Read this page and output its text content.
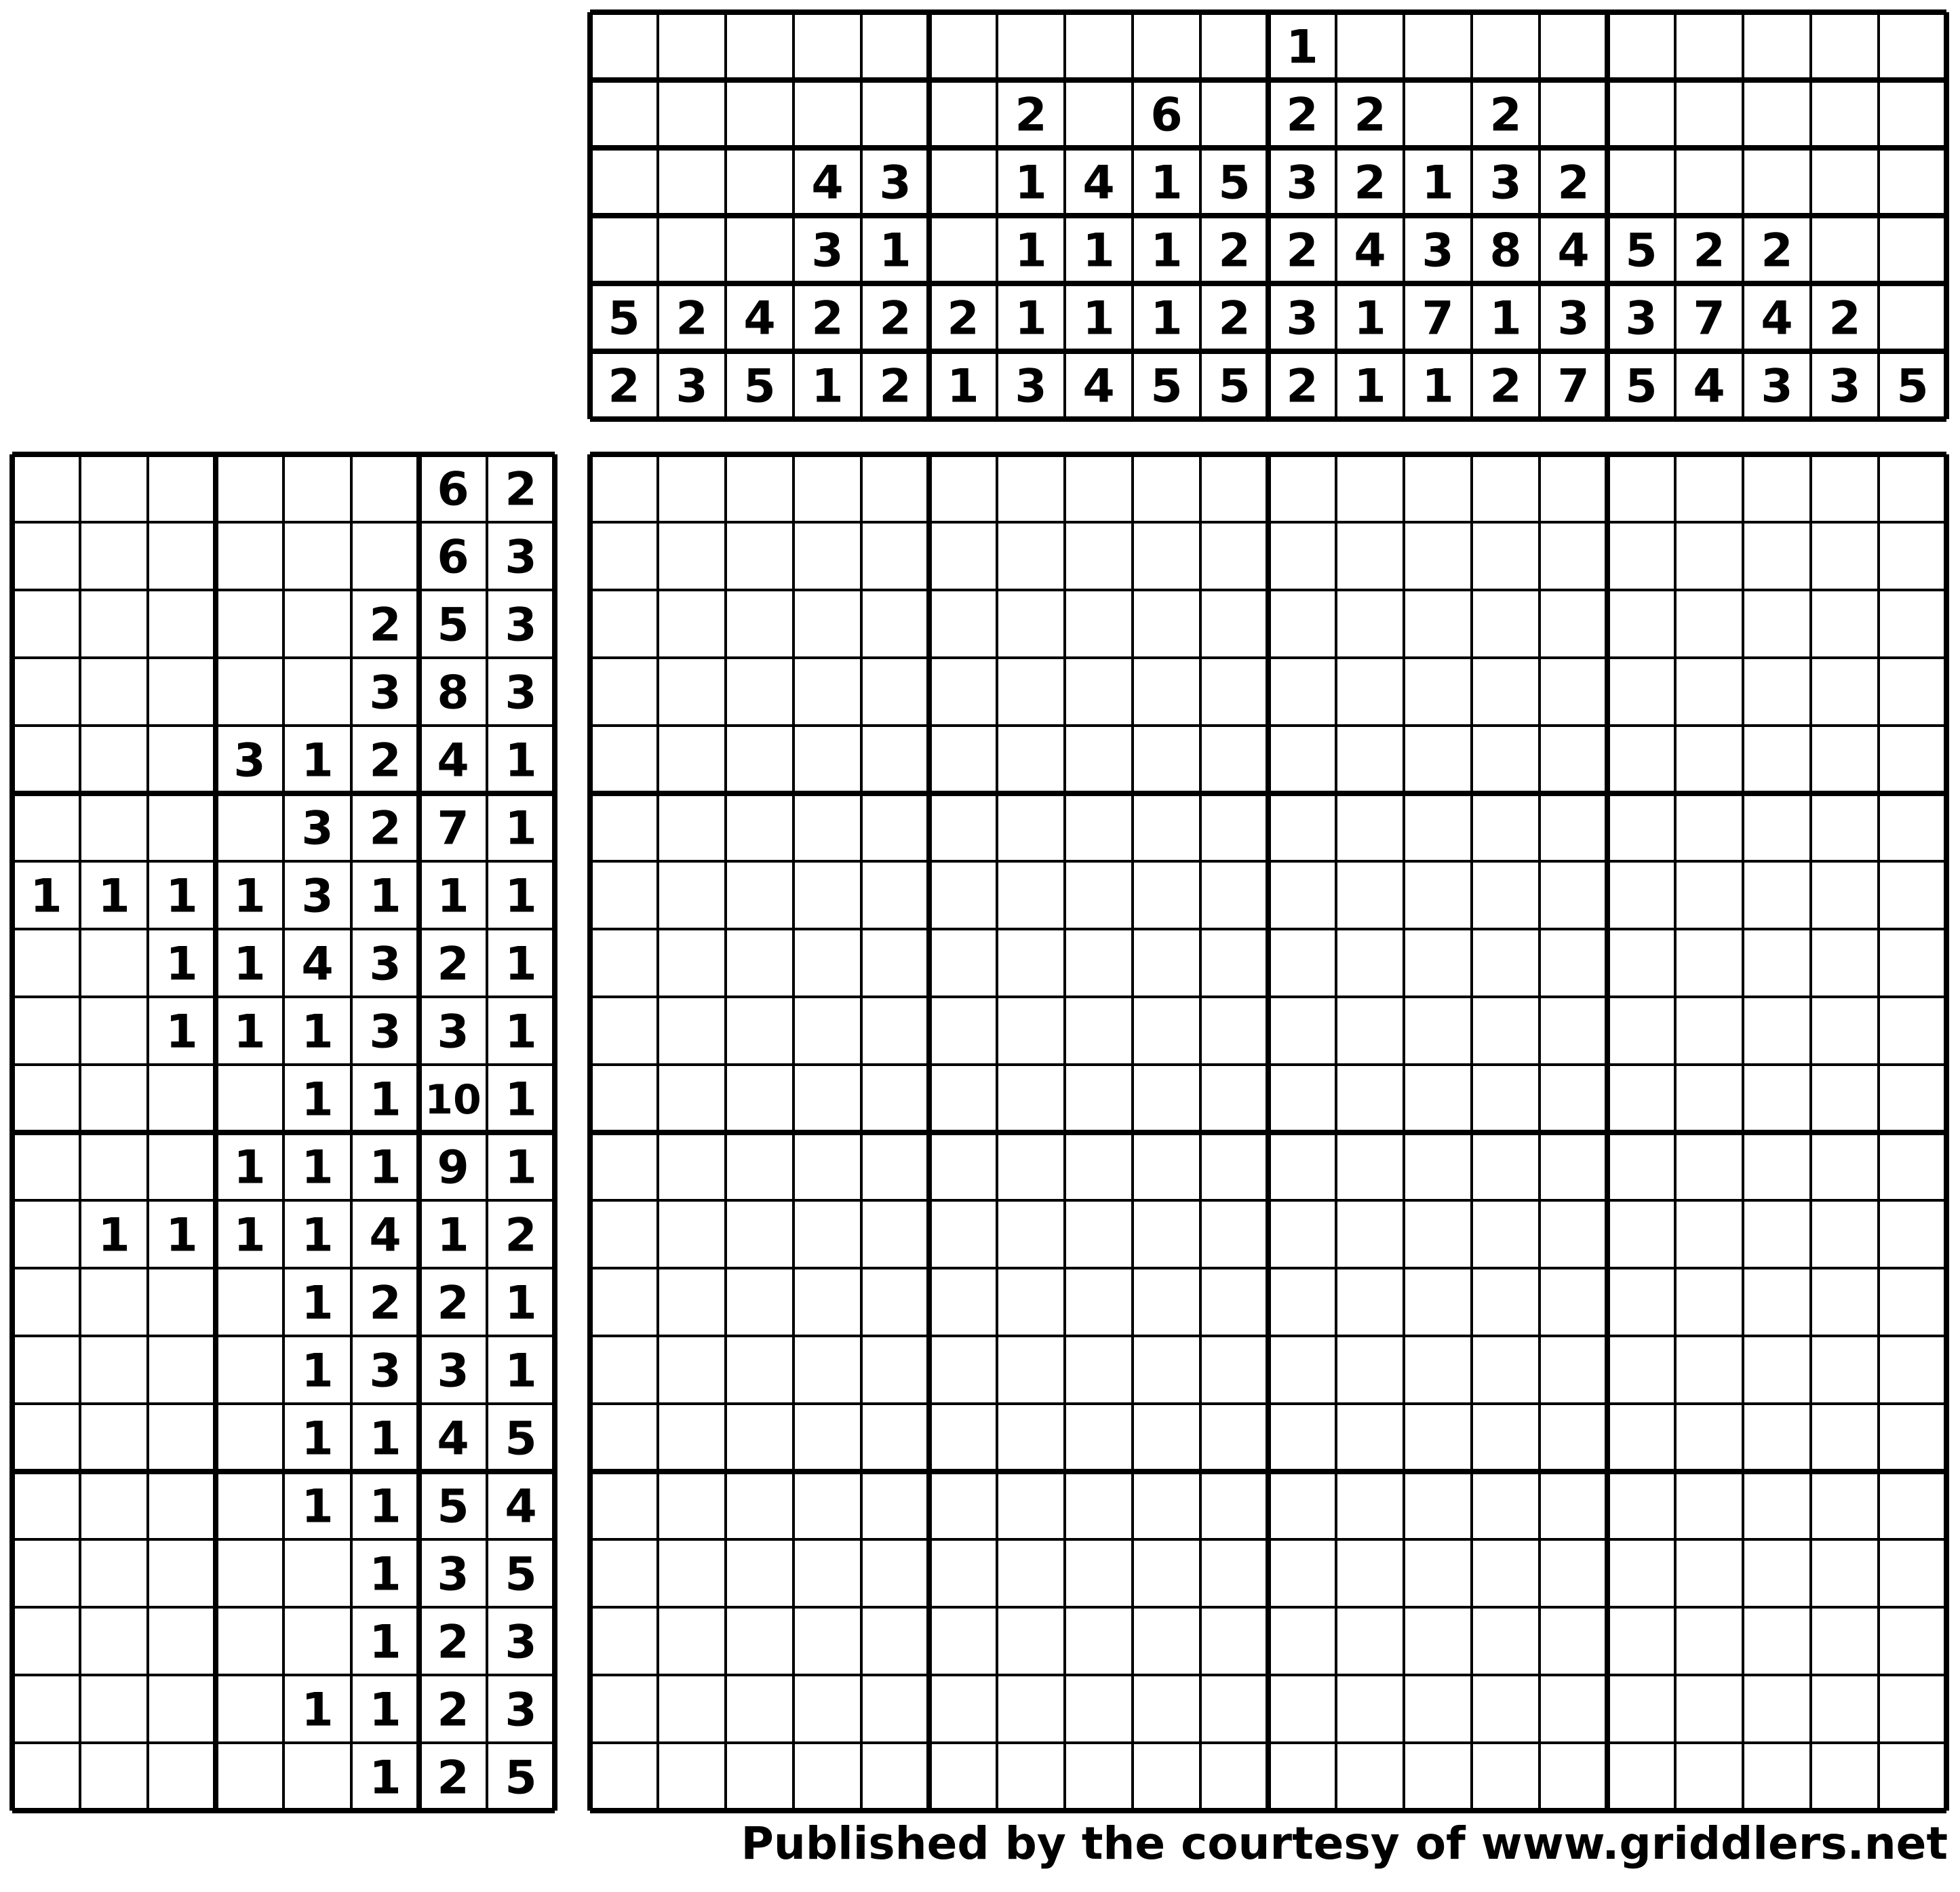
5
2
2
3
4
5
4
3
2
1
3
1
2
2
2
1
2
1
1
1
3
4
1
1
4
6
1
1
1
5
5
2
2
5
1
2
3
2
3
2
2
2
4
1
1
1
3
7
1
2
3
8
1
2
2
4
3
7
5
3
5
2
7
4
2
4
3
2
3 5
6 2
6 3
2 5 3
3 8 3
3 1 2 4 1
3 2 7 1
1 1 1 1 3 1 1 1
1 1 4 3 2 1
1 1 1 3 3 1
1 1 10 1
1 1 1 9 1
1 1 1 1 4 1 2
1 2 2 1
1 3 3 1
1 1 4 5
1 1 5 4
1 3 5
1 2 3
1 1 2 3
1 2 5
Published by the courtesy of www.griddlers.net
